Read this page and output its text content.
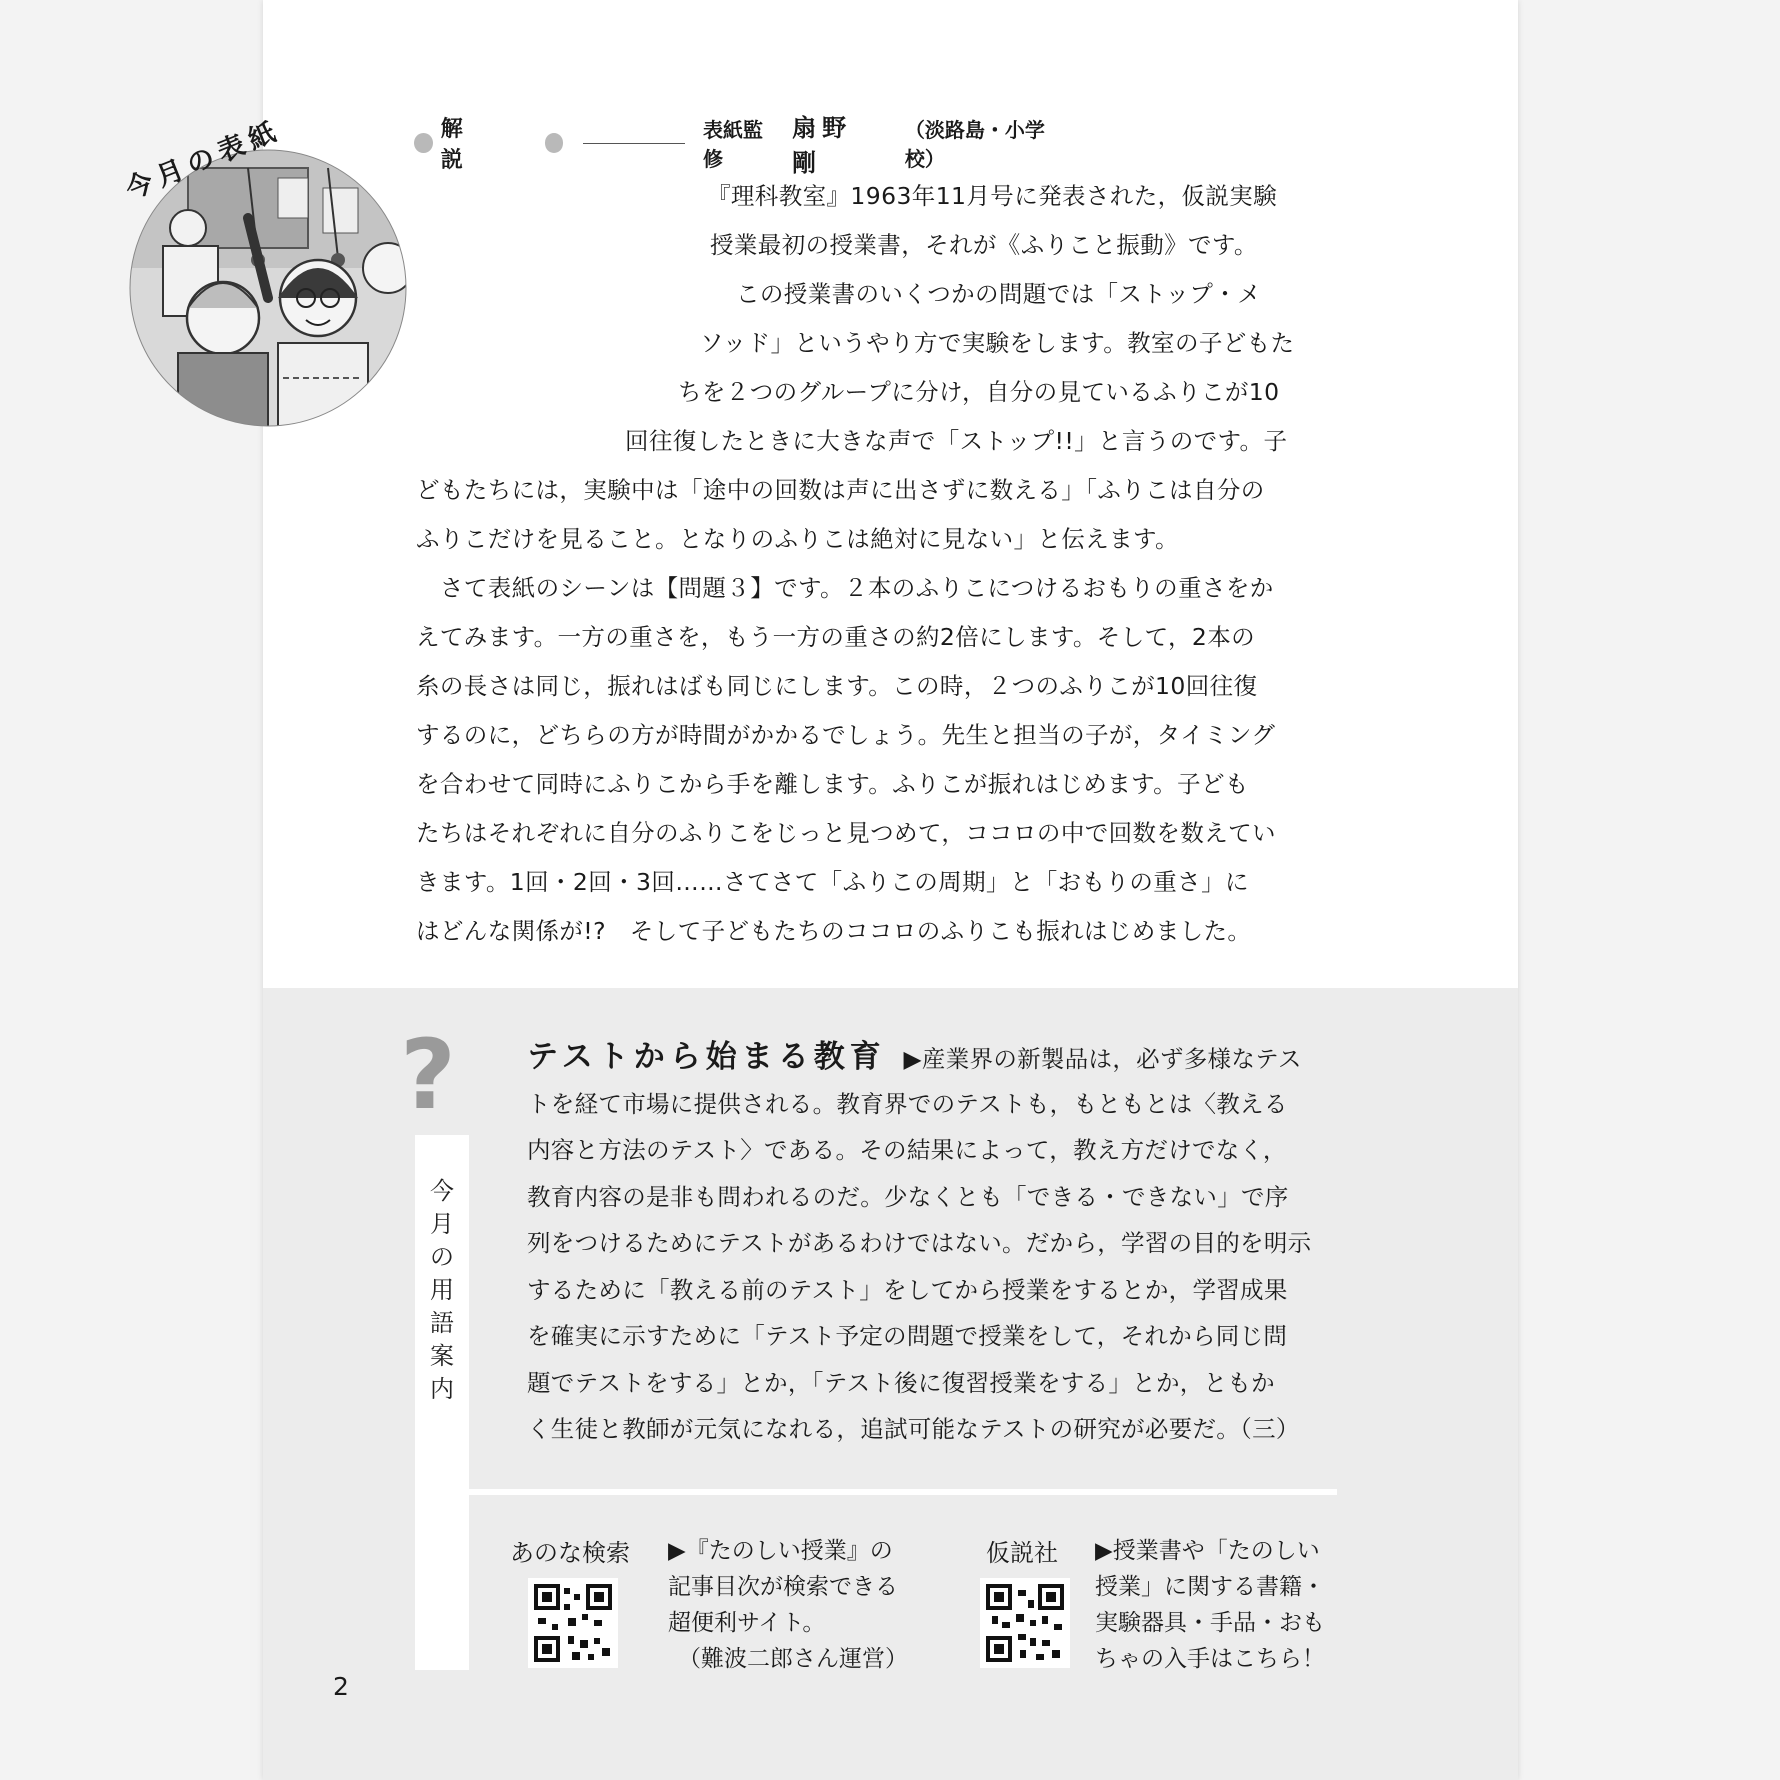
今月の表紙	解　説
表紙監修
扇野　剛
（淡路島・小学校）
『理科教室』1963年11月号に発表された，仮説実験
授業最初の授業書，それが《ふりこと振動》です。
この授業書のいくつかの問題では「ストップ・メ
ソッド」というやり方で実験をします。教室の子どもた
ちを２つのグループに分け，自分の見ているふりこが10
回往復したときに大きな声で「ストップ!!」と言うのです。子
どもたちには，実験中は「途中の回数は声に出さずに数える」「ふりこは自分の
ふりこだけを見ること。となりのふりこは絶対に見ない」と伝えます。
さて表紙のシーンは【問題３】です。２本のふりこにつけるおもりの重さをか
えてみます。一方の重さを，もう一方の重さの約2倍にします。そして，2本の
糸の長さは同じ，振れはばも同じにします。この時，２つのふりこが10回往復
するのに，どちらの方が時間がかかるでしょう。先生と担当の子が，タイミング
を合わせて同時にふりこから手を離します。ふりこが振れはじめます。子ども
たちはそれぞれに自分のふりこをじっと見つめて，ココロの中で回数を数えてい
きます。1回・2回・3回……さてさて「ふりこの周期」と「おもりの重さ」に
はどんな関係が!?　そして子どもたちのココロのふりこも振れはじめました。
?
今
月
の
用
語
案
内
テストから始まる教育 ▶産業界の新製品は，必ず多様なテス
トを経て市場に提供される。教育界でのテストも，もともとは〈教える
内容と方法のテスト〉である。その結果によって，教え方だけでなく，
教育内容の是非も問われるのだ。少なくとも「できる・できない」で序
列をつけるためにテストがあるわけではない。だから，学習の目的を明示
するために「教える前のテスト」をしてから授業をするとか，学習成果
を確実に示すために「テスト予定の問題で授業をして，それから同じ問
題でテストをする」とか，「テスト後に復習授業をする」とか，ともか
く生徒と教師が元気になれる，追試可能なテストの研究が必要だ。（三）
あのな検索 ▶『たのしい授業』の
記事目次が検索できる
超便利サイト。
（難波二郎さん運営）
仮説社 ▶授業書や「たのしい
授業」に関する書籍・
実験器具・手品・おも
ちゃの入手はこちら！
2
